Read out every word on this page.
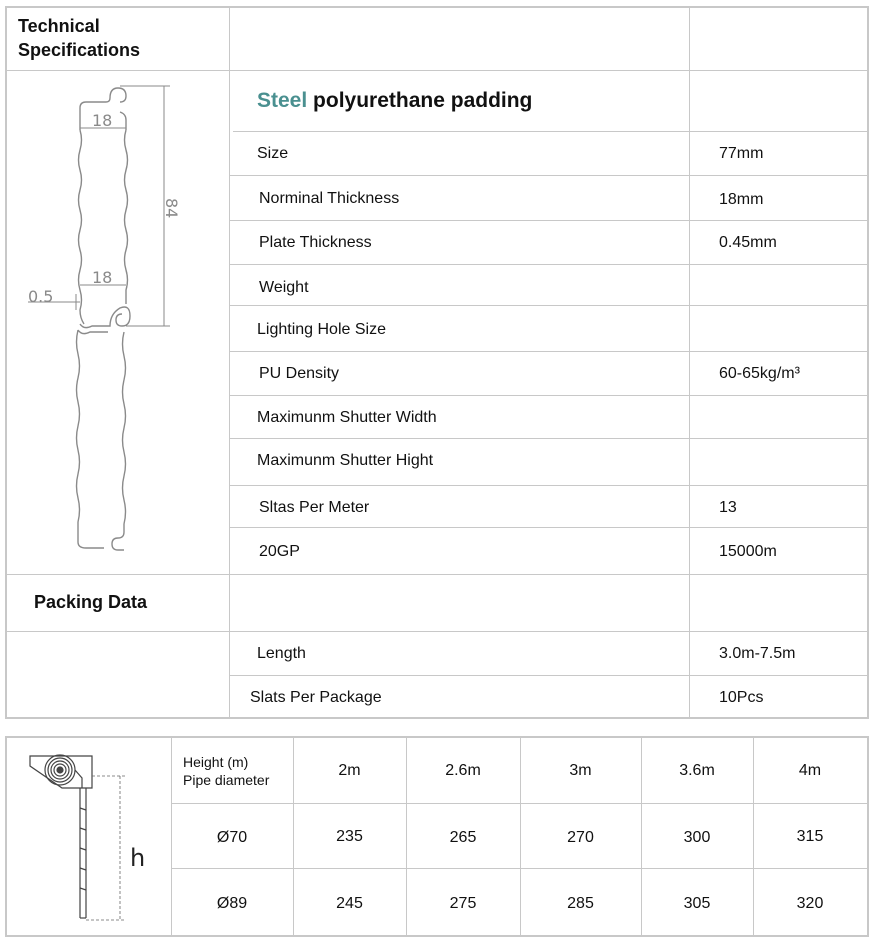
Technical
Specifications
Steel polyurethane padding
Size	77mm
Norminal Thickness	18mm
Plate Thickness	0.45mm
Weight
Lighting Hole Size
PU Density	60-65kg/m³
Maximunm Shutter Width
Maximunm Shutter Hight
Sltas Per Meter	13
20GP	15000m
Packing Data
Length	3.0m-7.5m
Slats Per Package	10Pcs
18
18
0.5
84
Height (m)
Pipe diameter
2m	2.6m	3m	3.6m	4m
Ø70	235	265	270	300	315
Ø89	245	275	285	305	320
h
